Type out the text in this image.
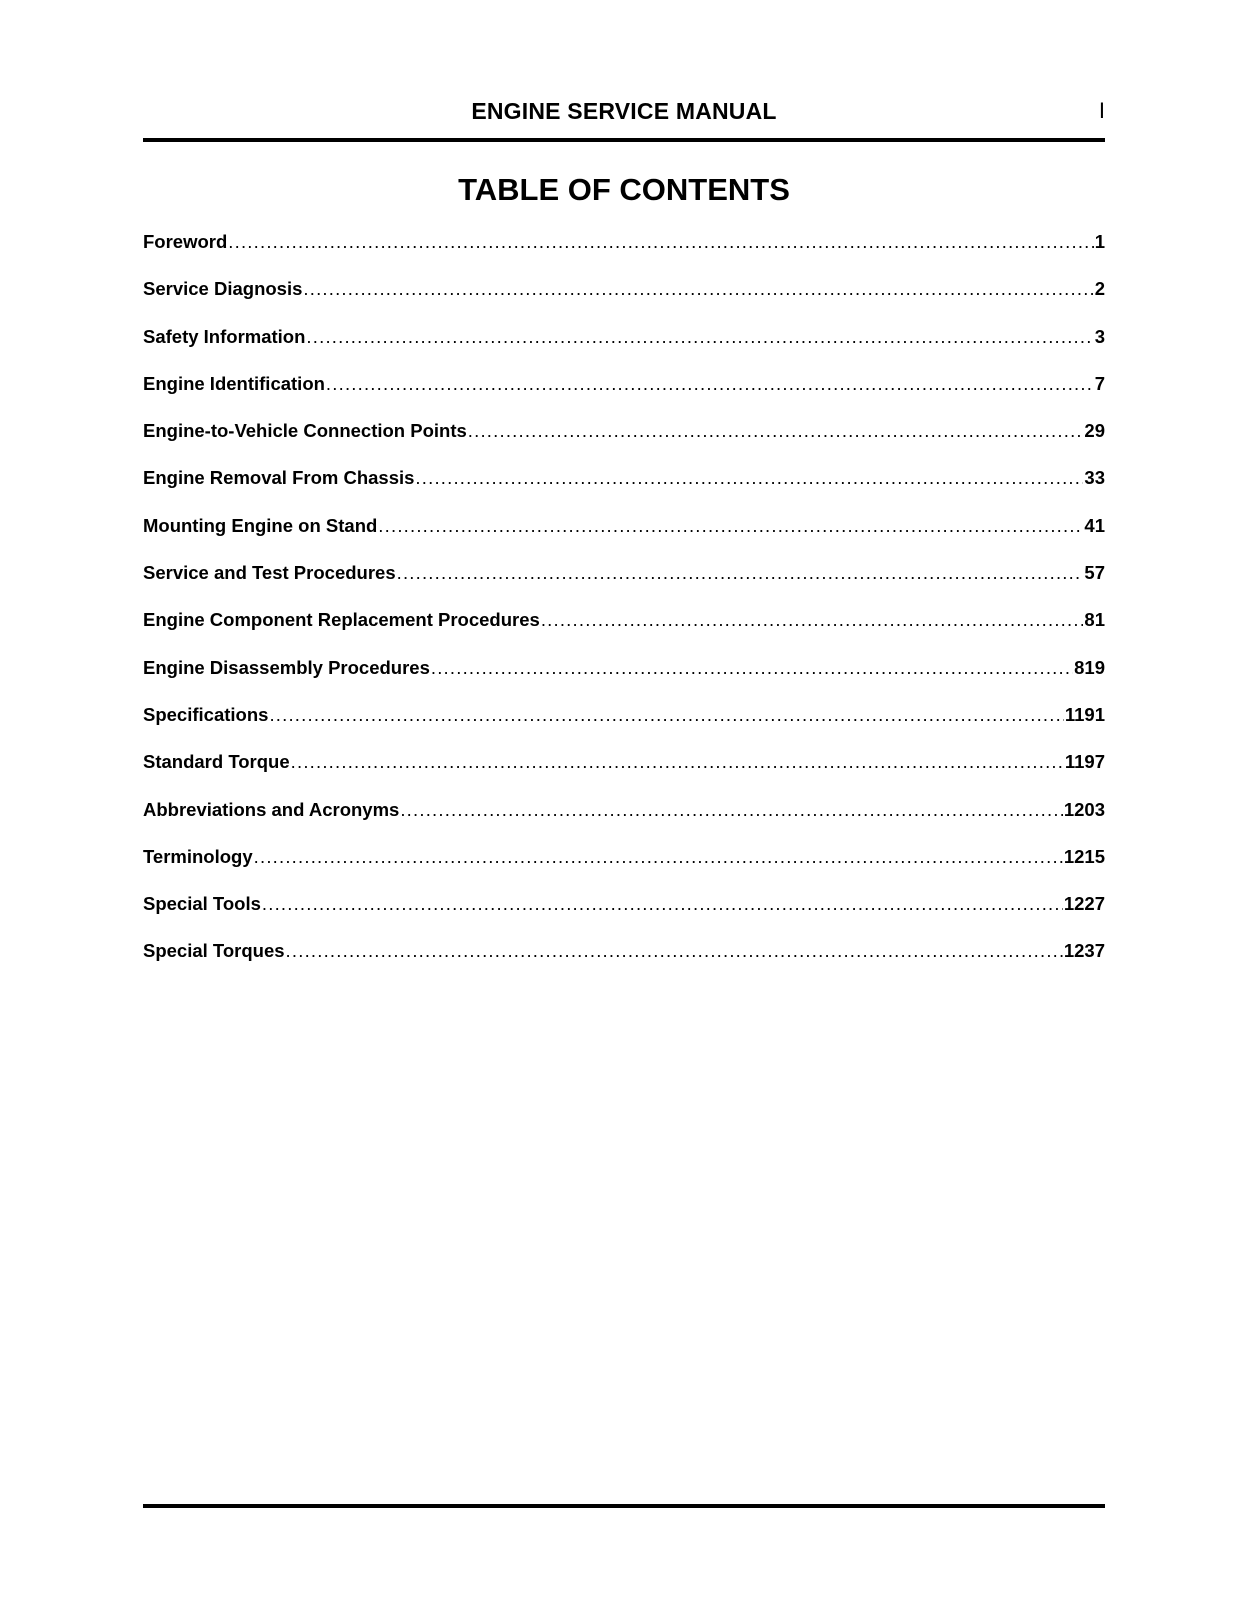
ENGINE SERVICE MANUAL	I
TABLE OF CONTENTS
Foreword .....	1
Service Diagnosis .....	2
Safety Information .....	3
Engine Identification .....	7
Engine-to-Vehicle Connection Points .....	29
Engine Removal From Chassis .....	33
Mounting Engine on Stand .....	41
Service and Test Procedures .....	57
Engine Component Replacement Procedures .....	81
Engine Disassembly Procedures .....	819
Specifications .....	1191
Standard Torque .....	1197
Abbreviations and Acronyms .....	1203
Terminology .....	1215
Special Tools .....	1227
Special Torques .....	1237
